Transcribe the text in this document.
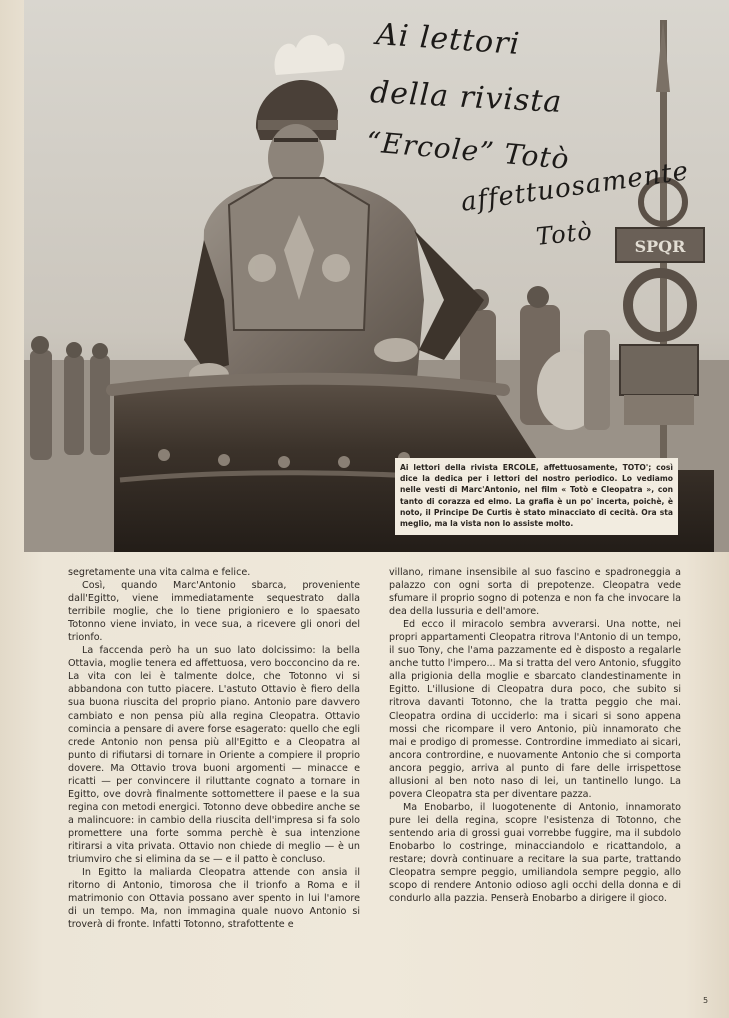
SPQR
Ai lettori
della rivista
“Ercole” Totò
affettuosamente
Totò
Ai lettori della rivista ERCOLE, affettuosamente, TOTO'; così dice la dedica per i lettori del nostro periodico. Lo vediamo nelle vesti di Marc'Antonio, nel film « Totò e Cleopatra », con tanto di corazza ed elmo. La grafia è un po' incerta, poichè, è noto, il Principe De Curtis è stato minacciato di cecità. Ora sta meglio, ma la vista non lo assiste molto.

segretamente una vita calma e felice.

Così, quando Marc'Antonio sbarca, proveniente dall'Egitto, viene immediatamente sequestrato dalla terribile moglie, che lo tiene prigioniero e lo spaesato Totonno viene inviato, in vece sua, a ricevere gli onori del trionfo.

La faccenda però ha un suo lato dolcissimo: la bella Ottavia, moglie tenera ed affettuosa, vero bocconcino da re. La vita con lei è talmente dolce, che Totonno vi si abbandona con tutto piacere. L'astuto Ottavio è fiero della sua buona riuscita del proprio piano. Antonio pare davvero cambiato e non pensa più alla regina Cleopatra. Ottavio comincia a pensare di avere forse esagerato: quello che egli crede Antonio non pensa più all'Egitto e a Cleopatra al punto di rifiutarsi di tornare in Oriente a compiere il proprio dovere. Ma Ottavio trova buoni argomenti — minacce e ricatti — per convincere il riluttante cognato a tornare in Egitto, ove dovrà finalmente sottomettere il paese e la sua regina con metodi energici. Totonno deve obbedire anche se a malincuore: in cambio della riuscita dell'impresa si fa solo promettere una forte somma perchè è sua intenzione ritirarsi a vita privata. Ottavio non chiede di meglio — è un triumviro che si elimina da se — e il patto è concluso.

In Egitto la maliarda Cleopatra attende con ansia il ritorno di Antonio, timorosa che il trionfo a Roma e il matrimonio con Ottavia possano aver spento in lui l'amore di un tempo. Ma, non immagina quale nuovo Antonio si troverà di fronte. Infatti Totonno, strafottente e

villano, rimane insensibile al suo fascino e spadroneggia a palazzo con ogni sorta di prepotenze. Cleopatra vede sfumare il proprio sogno di potenza e non fa che invocare la dea della lussuria e dell'amore.

Ed ecco il miracolo sembra avverarsi. Una notte, nei propri appartamenti Cleopatra ritrova l'Antonio di un tempo, il suo Tony, che l'ama pazzamente ed è disposto a regalarle anche tutto l'impero... Ma si tratta del vero Antonio, sfuggito alla prigionia della moglie e sbarcato clandestinamente in Egitto. L'illusione di Cleopatra dura poco, che subito si ritrova davanti Totonno, che la tratta peggio che mai. Cleopatra ordina di ucciderlo: ma i sicari si sono appena mossi che ricompare il vero Antonio, più innamorato che mai e prodigo di promesse. Contrordine immediato ai sicari, ancora contrordine, e nuovamente Antonio che si comporta ancora peggio, arriva al punto di fare delle irrispettose allusioni al ben noto naso di lei, un tantinello lungo. La povera Cleopatra sta per diventare pazza.

Ma Enobarbo, il luogotenente di Antonio, innamorato pure lei della regina, scopre l'esistenza di Totonno, che sentendo aria di grossi guai vorrebbe fuggire, ma il subdolo Enobarbo lo costringe, minacciandolo e ricattandolo, a restare; dovrà continuare a recitare la sua parte, trattando Cleopatra sempre peggio, umiliandola sempre peggio, allo scopo di rendere Antonio odioso agli occhi della donna e di condurlo alla pazzia. Penserà Enobarbo a dirigere il gioco.

5
